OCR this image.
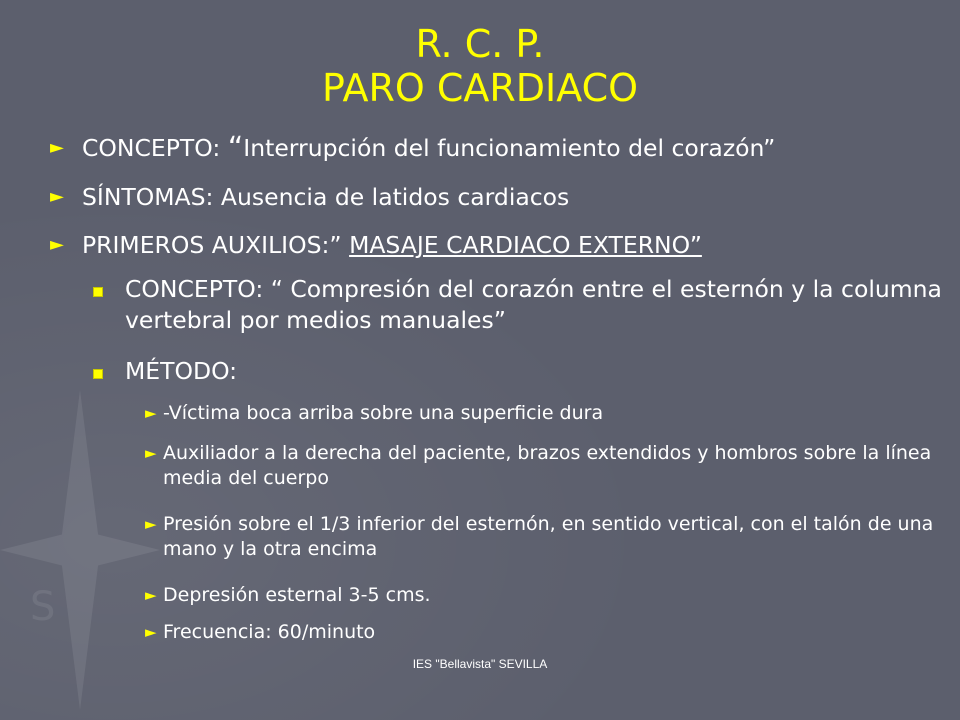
S
R. C. P.
PARO CARDIACO
► CONCEPTO: “Interrupción del funcionamiento del corazón”
► SÍNTOMAS: Ausencia de latidos cardiacos
► PRIMEROS AUXILIOS:” MASAJE CARDIACO EXTERNO”
CONCEPTO: “ Compresión del corazón entre el esternón y la columna vertebral por medios manuales”
MÉTODO:
► -Víctima boca arriba sobre una superficie dura
► Auxiliador a la derecha del paciente, brazos extendidos y hombros sobre la línea media del cuerpo
► Presión sobre el 1/3 inferior del esternón, en sentido vertical, con el talón de una mano y la otra encima
► Depresión esternal 3-5 cms.
► Frecuencia: 60/minuto
IES "Bellavista" SEVILLA
